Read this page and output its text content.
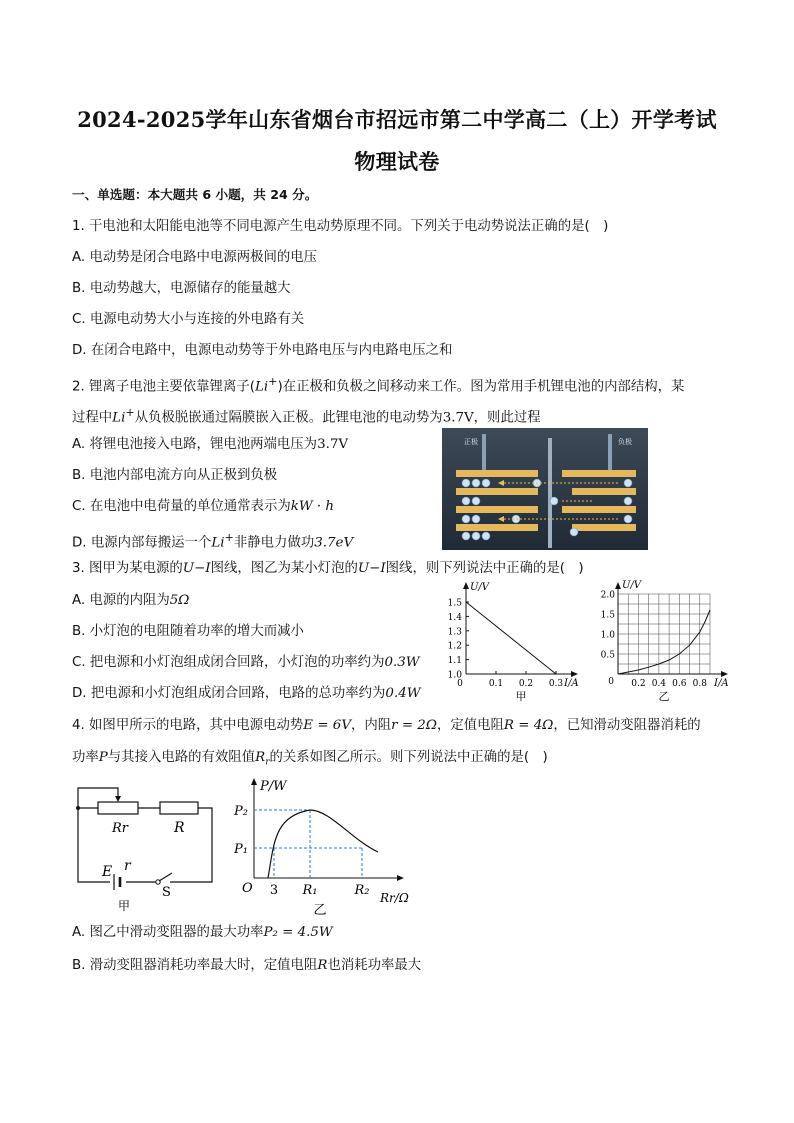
2024-2025学年山东省烟台市招远市第二中学高二（上）开学考试
物理试卷
一、单选题：本大题共 6 小题，共 24 分。
1. 干电池和太阳能电池等不同电源产生电动势原理不同。下列关于电动势说法正确的是(　)
A. 电动势是闭合电路中电源两极间的电压
B. 电动势越大，电源储存的能量越大
C. 电源电动势大小与连接的外电路有关
D. 在闭合电路中，电源电动势等于外电路电压与内电路电压之和
2. 锂离子电池主要依靠锂离子(Li+)在正极和负极之间移动来工作。图为常用手机锂电池的内部结构，某
过程中Li+从负极脱嵌通过隔膜嵌入正极。此锂电池的电动势为3.7V，则此过程
A. 将锂电池接入电路，锂电池两端电压为3.7V
B. 电池内部电流方向从正极到负极
C. 在电池中电荷量的单位通常表示为kW · h
D. 电源内部每搬运一个Li+非静电力做功3.7eV
正极	负极
3. 图甲为某电源的U−I图线，图乙为某小灯泡的U−I图线，则下列说法中正确的是(　)
A. 电源的内阻为5Ω
B. 小灯泡的电阻随着功率的增大而减小
C. 把电源和小灯泡组成闭合回路，小灯泡的功率约为0.3W
D. 把电源和小灯泡组成闭合回路，电路的总功率约为0.4W
U/V
I/A
1.0
1.1
1.2
1.3
1.4
1.5
0	0.1 0.2 0.3
甲
U/V
I/A
0
0.5
1.0
1.5
2.0
0.2 0.4 0.6 0.8
乙
4. 如图甲所示的电路，其中电源电动势E = 6V，内阻r = 2Ω，定值电阻R = 4Ω，已知滑动变阻器消耗的
功率P与其接入电路的有效阻值$R_r$的关系如图乙所示。则下列说法中正确的是(　)
Rr	R
E r
S
甲
P/W
Rr/Ω
O
P₁
P₂
3 R₁	R₂
乙
A. 图乙中滑动变阻器的最大功率P₂ = 4.5W
B. 滑动变阻器消耗功率最大时，定值电阻R也消耗功率最大
